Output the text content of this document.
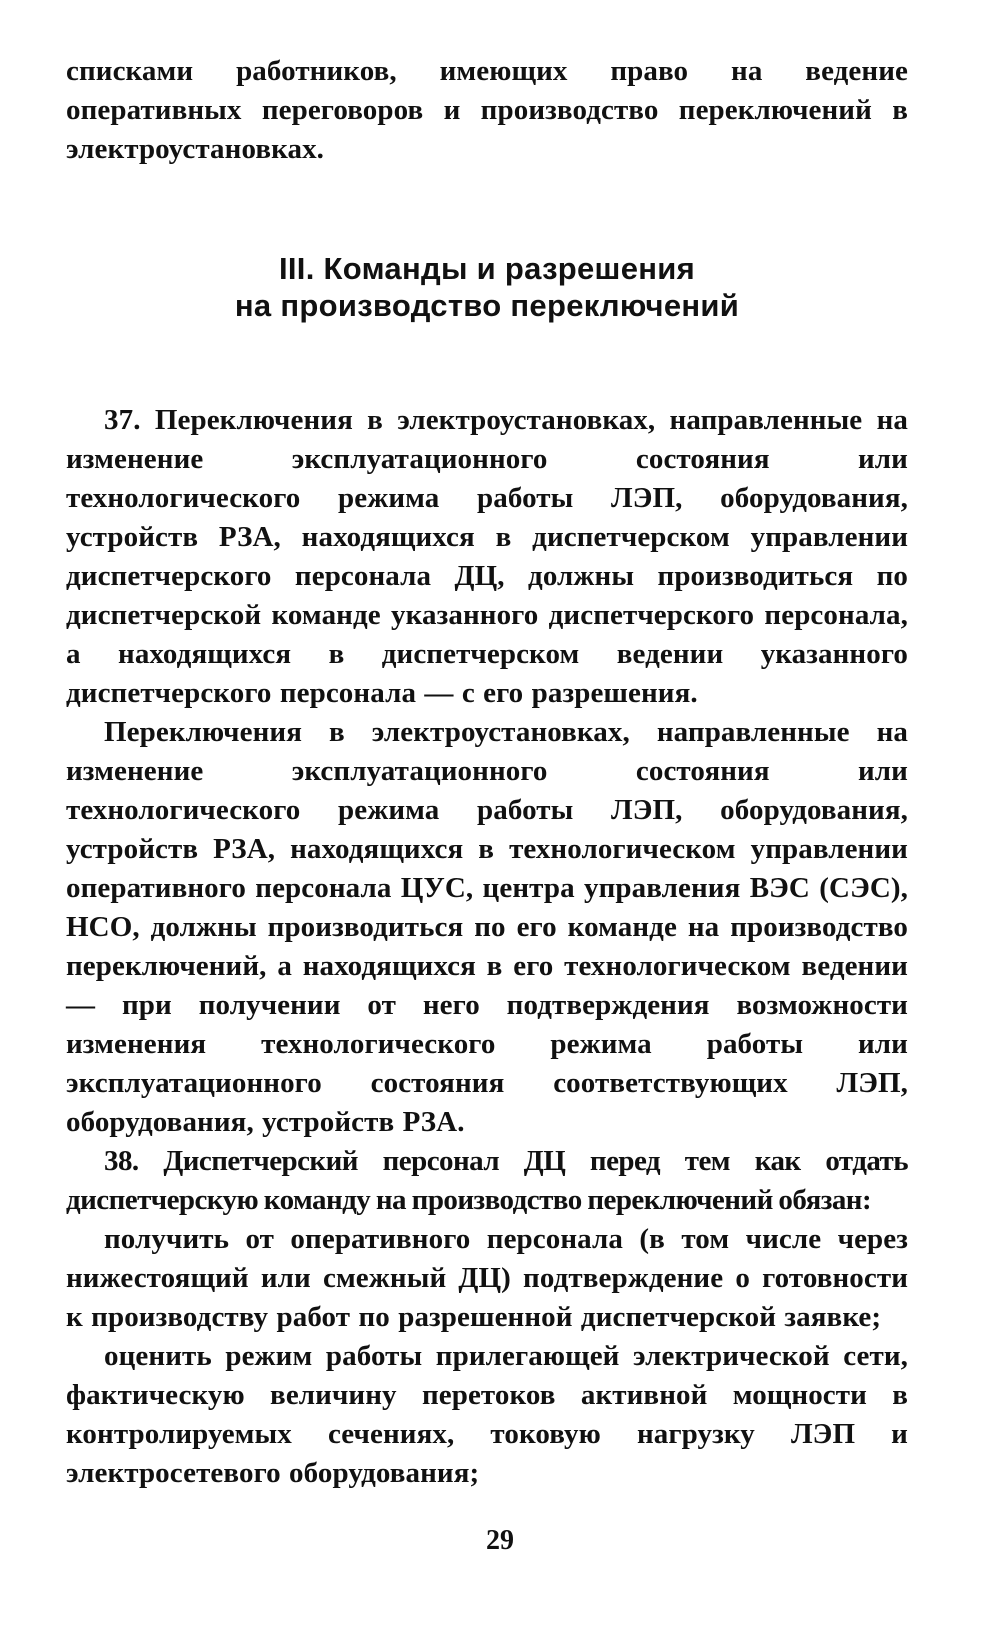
списками работников, имеющих право на ведение оперативных переговоров и производство переключений в электроустановках.

III. Команды и разрешения
на производство переключений

37. Переключения в электроустановках, направленные на изменение эксплуатационного состояния или технологического режима работы ЛЭП, оборудования, устройств РЗА, находящихся в диспетчерском управлении диспетчерского персонала ДЦ, должны производиться по диспетчерской команде указанного диспетчерского персонала, а находящихся в диспетчерском ведении указанного диспетчерского персонала — с его разрешения.

Переключения в электроустановках, направленные на изменение эксплуатационного состояния или технологического режима работы ЛЭП, оборудования, устройств РЗА, находящихся в технологическом управлении оперативного персонала ЦУС, центра управления ВЭС (СЭС), НСО, должны производиться по его команде на производство переключений, а находящихся в его технологическом ведении — при получении от него подтверждения возможности изменения технологического режима работы или эксплуатационного состояния соответствующих ЛЭП, оборудования, устройств РЗА.

38. Диспетчерский персонал ДЦ перед тем как отдать диспетчерскую команду на производство переключений обязан:

получить от оперативного персонала (в том числе через нижестоящий или смежный ДЦ) подтверждение о готовности к производству работ по разрешенной диспетчерской заявке;

оценить режим работы прилегающей электрической сети, фактическую величину перетоков активной мощности в контролируемых сечениях, токовую нагрузку ЛЭП и электросетевого оборудования;

29
